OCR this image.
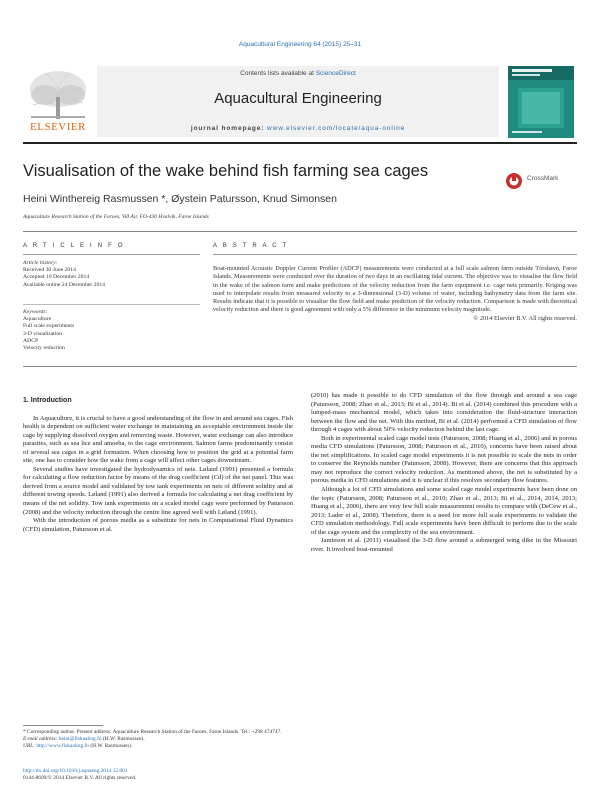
Aquacultural Engineering 64 (2015) 25–31
Contents lists available at ScienceDirect
Aquacultural Engineering
journal homepage: www.elsevier.com/locate/aqua-online
ELSEVIER
Visualisation of the wake behind fish farming sea cages	CrossMark
Heini Winthereig Rasmussen *, Øystein Patursson, Knud Simonsen
Aquaculture Research Station of the Faroes, Við Áir, FO-430 Hvalvík, Faroe Islands
A R T I C L E I N F O	A B S T R A C T
Article history:
Received 30 June 2014
Accepted 10 December 2014
Available online 24 December 2014
Keywords:
Aquaculture
Full scale experiments
3-D visualisation
ADCP
Velocity reduction
Boat-mounted Acoustic Doppler Current Profiler (ADCP) measurements were conducted at a full scale salmon farm outside Tórshavn, Faroe Islands. Measurements were conducted over the duration of two days in an oscillating tidal current. The objective was to visualise the flow field in the wake of the salmon farm and make predictions of the velocity reduction from the farm equipment i.e. cage nets primarily. Kriging was used to interpolate results from measured velocity to a 3-dimensional (3-D) volume of water, including bathymetry data from the farm site. Results indicate that it is possible to visualise the flow field and make prediction of the velocity reduction. Comparison is made with theoretical velocity reduction and there is good agreement with only a 5% difference in the minimum velocity magnitude.
© 2014 Elsevier B.V. All rights reserved.
1. Introduction

In Aquaculture, it is crucial to have a good understanding of the flow in and around sea cages. Fish health is dependent on sufficient water exchange in maintaining an acceptable environment inside the cage by supplying dissolved oxygen and removing waste. However, water exchange can also introduce parasites, such as sea lice and amoeba, to the cage environment. Salmon farms predominantly consist of several sea cages in a grid formation. When choosing how to position the grid at a potential farm site, one has to consider how the wake from a cage will affect other cages downstream.

Several studies have investigated the hydrodynamics of nets. Løland (1991) presented a formula for calculating a flow reduction factor by means of the drag coefficient (Cd) of the net panel. This was derived from a source model and validated by tow tank experiments on nets of different solidity and at different towing speeds. Løland (1991) also derived a formula for calculating a net drag coefficient by means of the net solidity. Tow tank experiments on a scaled model cage were performed by Patursson (2008) and the velocity reduction through the centre line agreed well with Løland (1991).

With the introduction of porous media as a substitute for nets in Computational Fluid Dynamics (CFD) simulation, Patursson et al.

(2010) has made it possible to do CFD simulation of the flow through and around a sea cage (Patursson, 2008; Zhao et al., 2013; Bi et al., 2014). Bi et al. (2014) combined this procedure with a lumped-mass mechanical model, which takes into consideration the fluid-structure interaction between the flow and the net. With this method, Bi et al. (2014) performed a CFD simulation of flow through 4 cages with about 50% velocity reduction behind the last cage.

Both in experimental scaled cage model tests (Patursson, 2008; Huang et al., 2006) and in porous media CFD simulations (Patursson, 2008; Patursson et al., 2010), concerns have been raised about the net simplifications. In scaled cage model experiments it is not possible to scale the nets in order to conserve the Reynolds number (Patursson, 2008). However, there are concerns that this approach may not reproduce the correct velocity reduction. As mentioned above, the net is substituted by a porous media in CFD simulations and it is unclear if this resolves secondary flow features.

Although a lot of CFD simulations and some scaled cage model experiments have been done on the topic (Patursson, 2008; Patursson et al., 2010; Zhao et al., 2013; Bi et al., 2014, 2014, 2013; Huang et al., 2006), there are very few full scale measurement results to compare with (DeCew et al., 2013; Lader et al., 2008). Therefore, there is a need for more full scale experiments to validate the CFD simulation methodology. Full scale experiments have been difficult to perform due to the scale of the cage system and the complexity of the sea environment.

Jamieson et al. (2011) visualised the 3-D flow around a submerged wing dike in the Missouri river. It involved boat-mounted

* Corresponding author. Present address: Aquaculture Research Station of the Faroes, Faroe Islands. Tel.: +298 474747.
E-mail address: heini@fiskaaling.fo (H.W. Rasmussen).
URL: http://www.fiskaaling.fo (H.W. Rasmussen).
http://dx.doi.org/10.1016/j.aquaeng.2014.12.001
0144-8609/© 2014 Elsevier B.V. All rights reserved.
